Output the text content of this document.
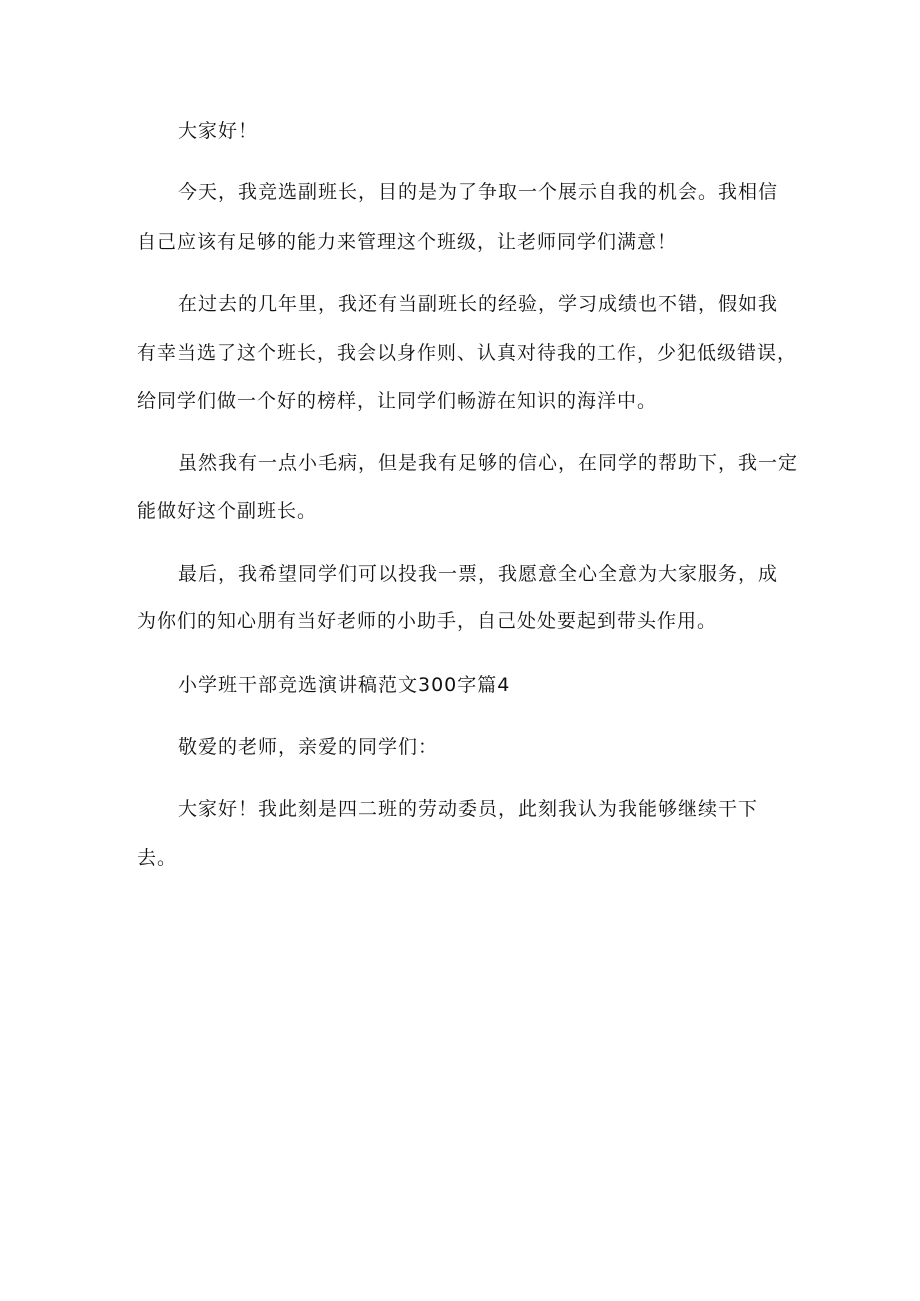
大家好！
今天，我竞选副班长，目的是为了争取一个展示自我的机会。我相信
自己应该有足够的能力来管理这个班级，让老师同学们满意！
在过去的几年里，我还有当副班长的经验，学习成绩也不错，假如我
有幸当选了这个班长，我会以身作则、认真对待我的工作，少犯低级错误，
给同学们做一个好的榜样，让同学们畅游在知识的海洋中。
虽然我有一点小毛病，但是我有足够的信心，在同学的帮助下，我一定
能做好这个副班长。
最后，我希望同学们可以投我一票，我愿意全心全意为大家服务，成
为你们的知心朋有当好老师的小助手，自己处处要起到带头作用。
小学班干部竞选演讲稿范文300字篇4
敬爱的老师，亲爱的同学们：
大家好！我此刻是四二班的劳动委员，此刻我认为我能够继续干下
去。
